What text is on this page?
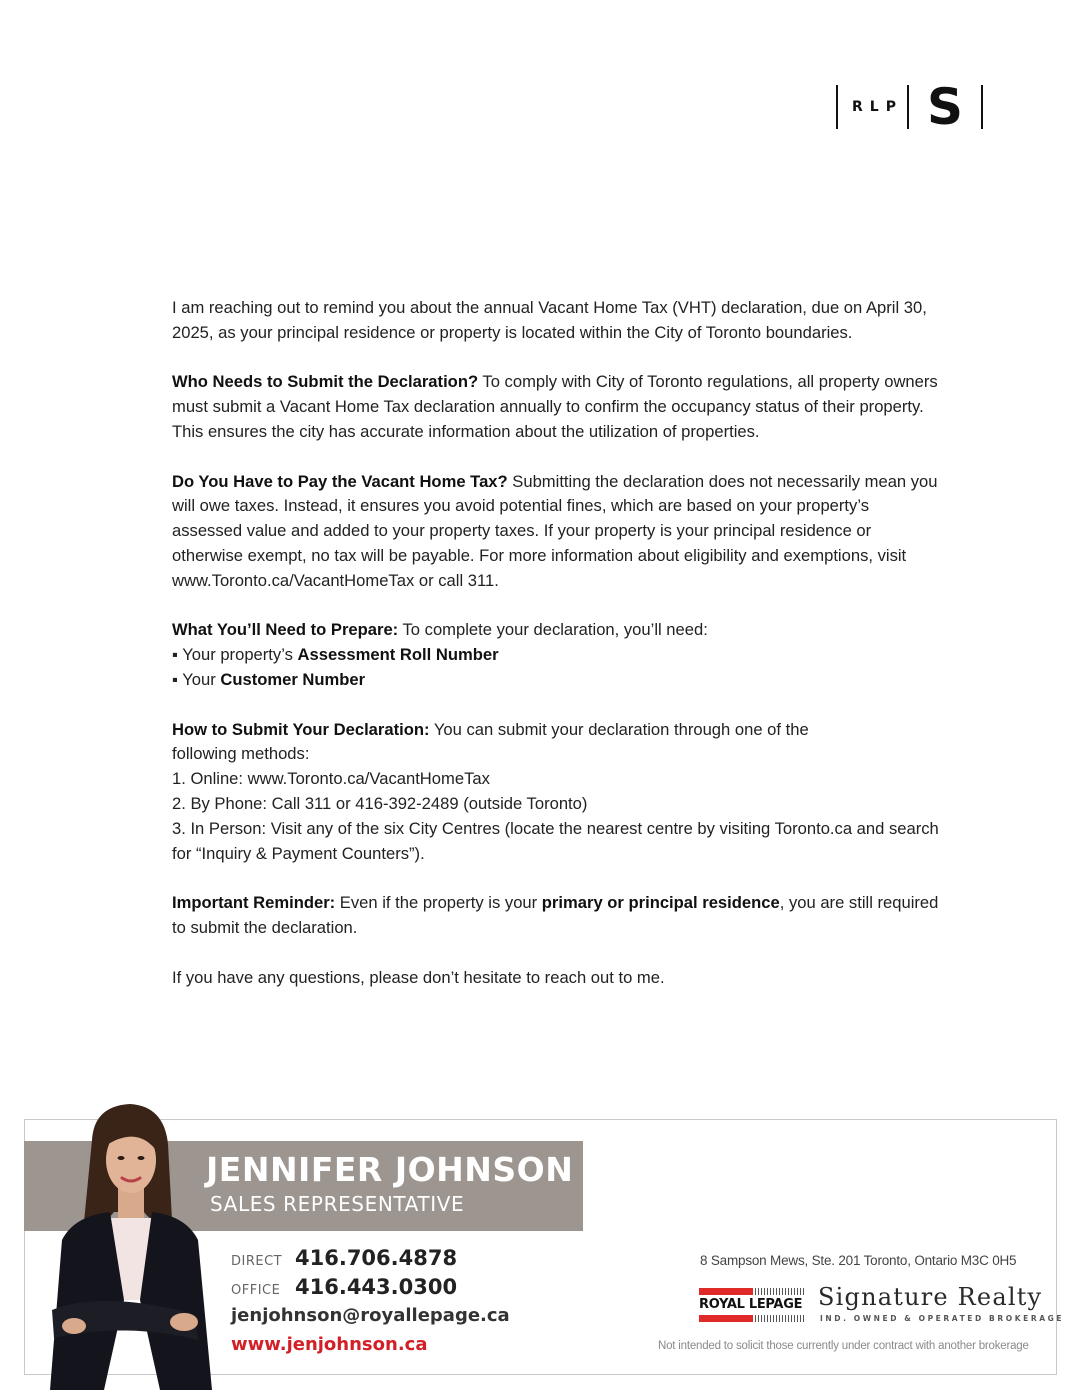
RLP S

I am reaching out to remind you about the annual Vacant Home Tax (VHT) declaration, due on April 30, 2025, as your principal residence or property is located within the City of Toronto boundaries.

Who Needs to Submit the Declaration? To comply with City of Toronto regulations, all property owners must submit a Vacant Home Tax declaration annually to confirm the occupancy status of their property. This ensures the city has accurate information about the utilization of properties.

Do You Have to Pay the Vacant Home Tax? Submitting the declaration does not necessarily mean you will owe taxes. Instead, it ensures you avoid potential fines, which are based on your property’s assessed value and added to your property taxes. If your property is your principal residence or otherwise exempt, no tax will be payable. For more information about eligibility and exemptions, visit www.Toronto.ca/VacantHomeTax or call 311.

What You’ll Need to Prepare: To complete your declaration, you’ll need:
▪ Your property’s Assessment Roll Number
▪ Your Customer Number

How to Submit Your Declaration: You can submit your declaration through one of the
following methods:
1. Online: www.Toronto.ca/VacantHomeTax
2. By Phone: Call 311 or 416-392-2489 (outside Toronto)
3. In Person: Visit any of the six City Centres (locate the nearest centre by visiting Toronto.ca and search for “Inquiry & Payment Counters”).

Important Reminder: Even if the property is your primary or principal residence, you are still required to submit the declaration.

If you have any questions, please don’t hesitate to reach out to me.

JENNIFER JOHNSON
SALES REPRESENTATIVE
DIRECT 416.706.4878
OFFICE 416.443.0300
jenjohnson@royallepage.ca
www.jenjohnson.ca
8 Sampson Mews, Ste. 201 Toronto, Ontario M3C 0H5
ROYAL LEPAGE Signature Realty
IND. OWNED & OPERATED BROKERAGE
Not intended to solicit those currently under contract with another brokerage
